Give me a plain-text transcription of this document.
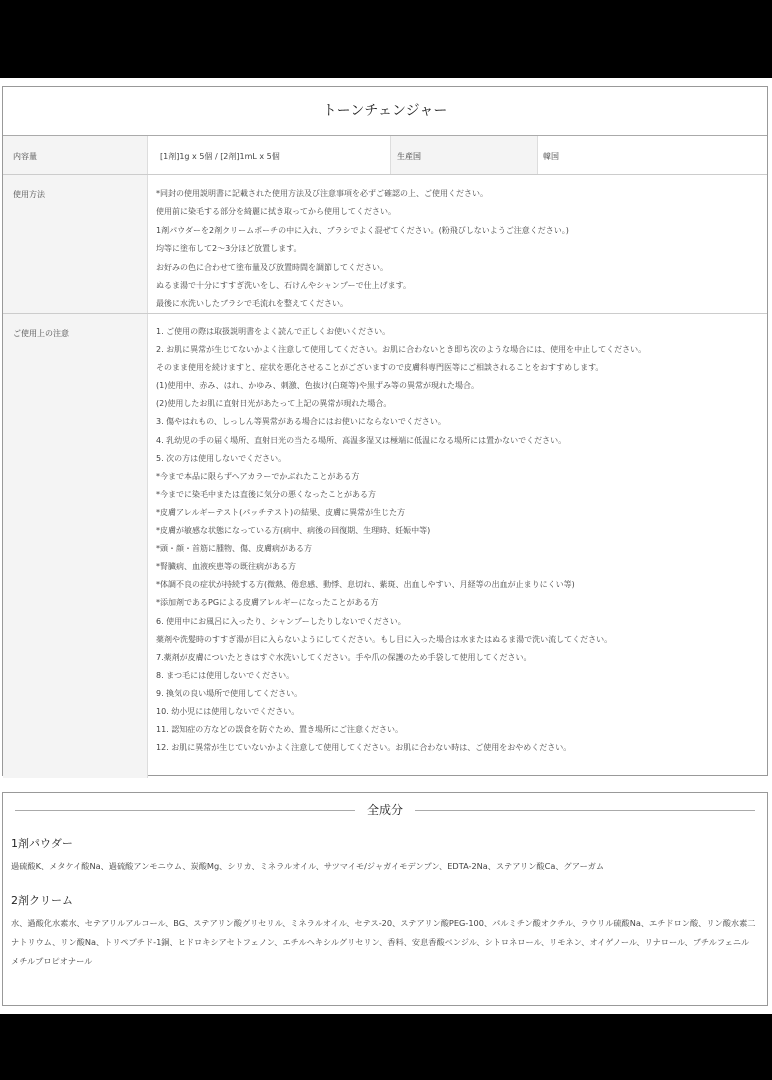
トーンチェンジャー
内容量	[1剤]1g x 5個 / [2剤]1mL x 5個	生産国	韓国
使用方法	*同封の使用説明書に記載された使用方法及び注意事項を必ずご確認の上、ご使用ください。
使用前に染毛する部分を綺麗に拭き取ってから使用してください。
1剤パウダーを2剤クリームポーチの中に入れ、ブラシでよく混ぜてください。(粉飛びしないようご注意ください。)
均等に塗布して2～3分ほど放置します。
お好みの色に合わせて塗布量及び放置時間を調節してください。
ぬるま湯で十分にすすぎ洗いをし、石けんやシャンプーで仕上げます。
最後に水洗いしたブラシで毛流れを整えてください。
ご使用上の注意	1. ご使用の際は取扱説明書をよく読んで正しくお使いください。
2. お肌に異常が生じてないかよく注意して使用してください。お肌に合わないとき即ち次のような場合には、使用を中止してください。
そのまま使用を続けますと、症状を悪化させることがございますので皮膚科専門医等にご相談されることをおすすめします。
(1)使用中、赤み、はれ、かゆみ、刺激、色抜け(白斑等)や黒ずみ等の異常が現れた場合。
(2)使用したお肌に直射日光があたって上記の異常が現れた場合。
3. 傷やはれもの、しっしん等異常がある場合にはお使いにならないでください。
4. 乳幼児の手の届く場所、直射日光の当たる場所、高温多湿又は極端に低温になる場所には置かないでください。
5. 次の方は使用しないでください。
*今まで本品に限らずヘアカラーでかぶれたことがある方
*今までに染毛中または直後に気分の悪くなったことがある方
*皮膚アレルギーテスト(パッチテスト)の結果、皮膚に異常が生じた方
*皮膚が敏感な状態になっている方(病中、病後の回復期、生理時、妊娠中等)
*頭・顔・首筋に腫物、傷、皮膚病がある方
*腎臓病、血液疾患等の既往病がある方
*体調不良の症状が持続する方(微熱、倦怠感、動悸、息切れ、紫斑、出血しやすい、月経等の出血が止まりにくい等)
*添加剤であるPGによる皮膚アレルギーになったことがある方
6. 使用中にお風呂に入ったり、シャンプーしたりしないでください。
薬剤や洗髪時のすすぎ湯が目に入らないようにしてください。もし目に入った場合は水またはぬるま湯で洗い流してください。
7.薬剤が皮膚についたときはすぐ水洗いしてください。手や爪の保護のため手袋して使用してください。
8. まつ毛には使用しないでください。
9. 換気の良い場所で使用してください。
10. 幼小児には使用しないでください。
11. 認知症の方などの誤食を防ぐため、置き場所にご注意ください。
12. お肌に異常が生じていないかよく注意して使用してください。お肌に合わない時は、ご使用をおやめください。
全成分
1剤パウダー
過硫酸K、メタケイ酸Na、過硫酸アンモニウム、炭酸Mg、シリカ、ミネラルオイル、サツマイモ/ジャガイモデンプン、EDTA-2Na、ステアリン酸Ca、グアーガム
2剤クリーム
水、過酸化水素水、セテアリルアルコール、BG、ステアリン酸グリセリル、ミネラルオイル、セテス-20、ステアリン酸PEG-100、パルミチン酸オクチル、ラウリル硫酸Na、エチドロン酸、リン酸水素二ナトリウム、リン酸Na、トリペプチド-1銅、ヒドロキシアセトフェノン、エチルヘキシルグリセリン、香料、安息香酸ベンジル、シトロネロール、リモネン、オイゲノール、リナロール、ブチルフェニルメチルプロピオナール
